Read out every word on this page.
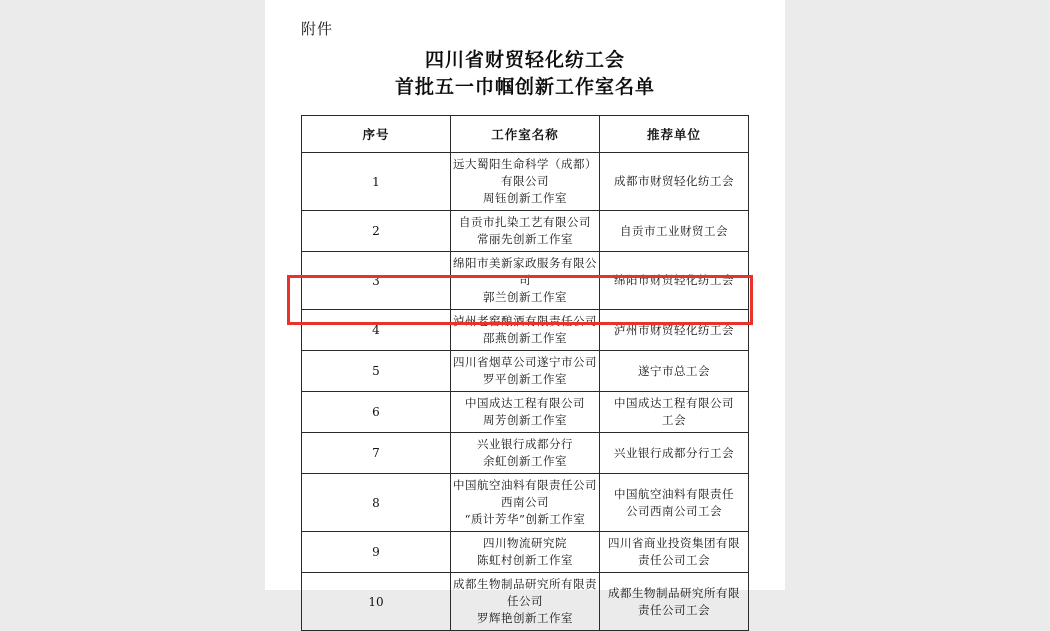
附件
四川省财贸轻化纺工会
首批五一巾帼创新工作室名单
序号	工作室名称	推荐单位
1	远大蜀阳生命科学（成都）有限公司
周钰创新工作室	成都市财贸轻化纺工会

2	自贡市扎染工艺有限公司
常丽先创新工作室	自贡市工业财贸工会

3	绵阳市美新家政服务有限公司
郭兰创新工作室	绵阳市财贸轻化纺工会

4	泸州老窖酿酒有限责任公司
邵燕创新工作室	泸州市财贸轻化纺工会

5	四川省烟草公司遂宁市公司
罗平创新工作室	遂宁市总工会

6	中国成达工程有限公司
周芳创新工作室	中国成达工程有限公司
工会

7	兴业银行成都分行
余虹创新工作室	兴业银行成都分行工会

8	中国航空油料有限责任公司西南公司
“质计芳华”创新工作室	中国航空油料有限责任
公司西南公司工会

9	四川物流研究院
陈虹村创新工作室	四川省商业投资集团有限
责任公司工会

10	成都生物制品研究所有限责任公司
罗辉艳创新工作室	成都生物制品研究所有限
责任公司工会
